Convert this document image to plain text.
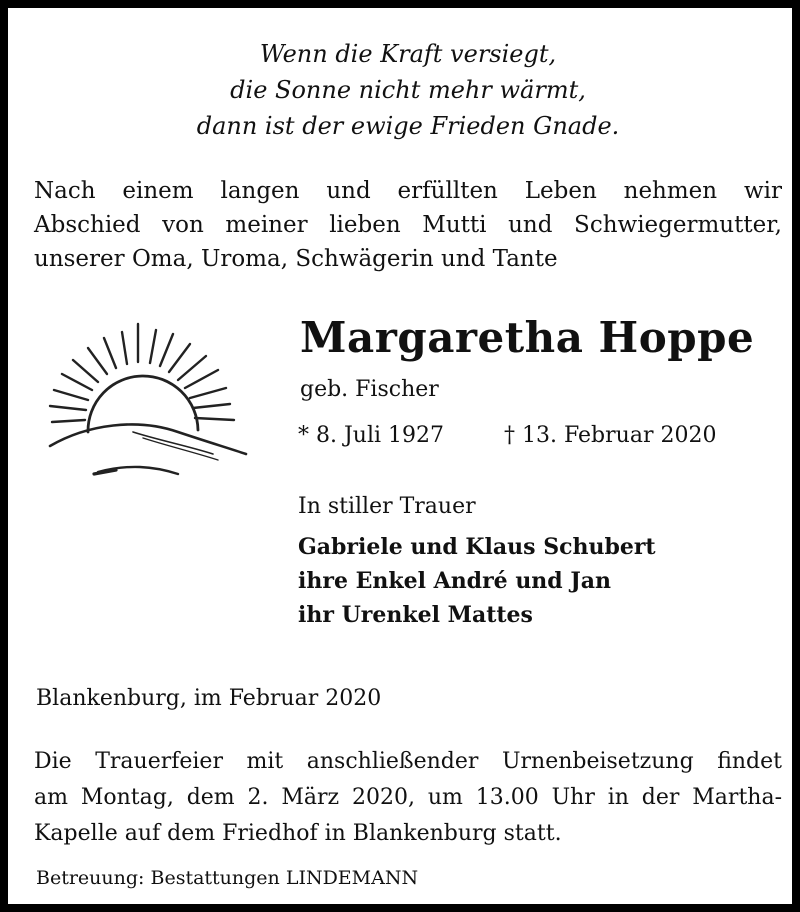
Wenn die Kraft versiegt,
die Sonne nicht mehr wärmt,
dann ist der ewige Frieden Gnade.
Nach einem langen und erfüllten Leben nehmen wir
Abschied von meiner lieben Mutti und Schwiegermutter,
unserer Oma, Uroma, Schwägerin und Tante
Margaretha Hoppe
geb. Fischer
* 8. Juli 1927	† 13. Februar 2020
In stiller Trauer
Gabriele und Klaus Schubert
ihre Enkel André und Jan
ihr Urenkel Mattes
Blankenburg, im Februar 2020
Die Trauerfeier mit anschließender Urnenbeisetzung findet
am Montag, dem 2. März 2020, um 13.00 Uhr in der Martha-
Kapelle auf dem Friedhof in Blankenburg statt.
Betreuung: Bestattungen LINDEMANN
